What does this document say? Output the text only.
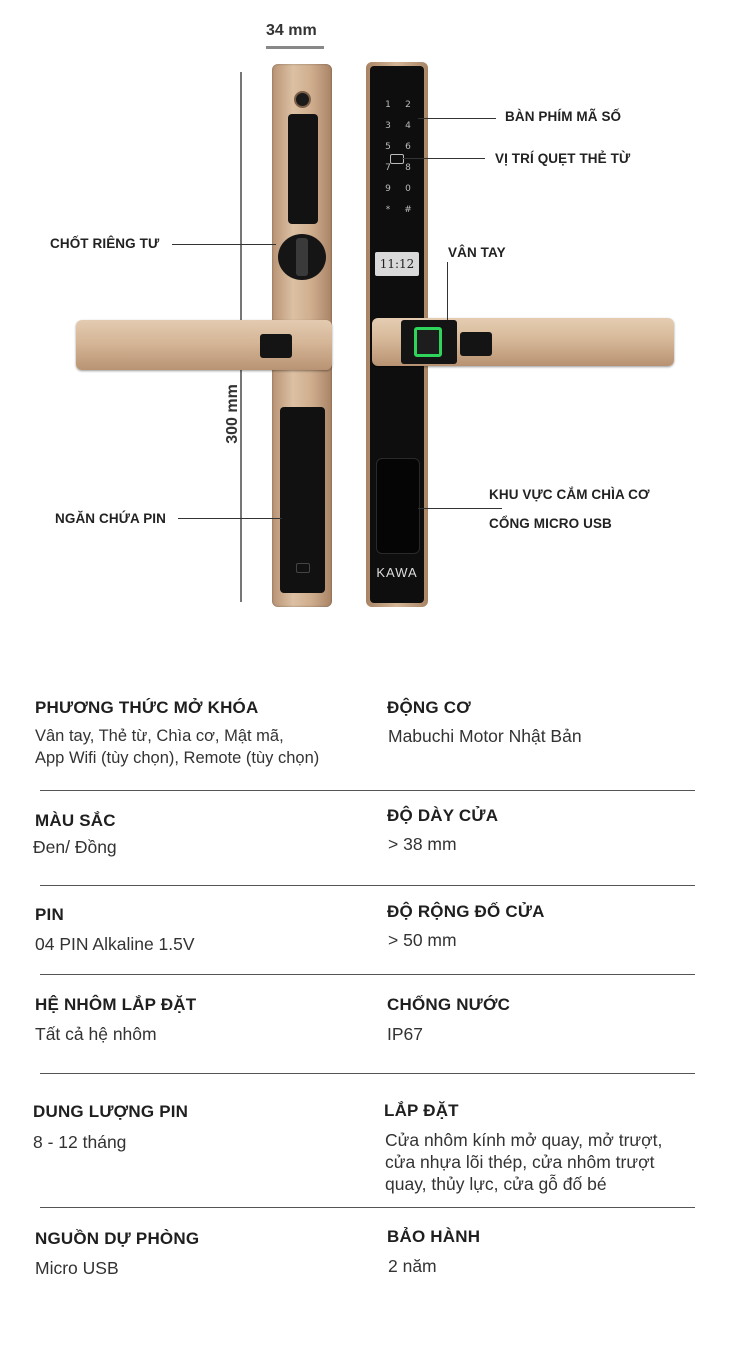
34 mm
300 mm
1	2
3	4
5	6
7	8
9	0
*	#
11:12
KAWA
BÀN PHÍM MÃ SỐ
VỊ TRÍ QUẸT THẺ TỪ
CHỐT RIÊNG TƯ
VÂN TAY
NGĂN CHỨA PIN
KHU VỰC CẮM CHÌA CƠ
CỔNG MICRO USB
PHƯƠNG THỨC MỞ KHÓA
Vân tay, Thẻ từ, Chìa cơ, Mật mã,
App Wifi (tùy chọn), Remote (tùy chọn)
ĐỘNG CƠ
Mabuchi Motor Nhật Bản
MÀU SẮC
Đen/ Đồng
ĐỘ DÀY CỬA
> 38 mm
PIN
04 PIN Alkaline 1.5V
ĐỘ RỘNG ĐỐ CỬA
> 50 mm
HỆ NHÔM LẮP ĐẶT
Tất cả hệ nhôm
CHỐNG NƯỚC
IP67
DUNG LƯỢNG PIN
8 - 12 tháng
LẮP ĐẶT
Cửa nhôm kính mở quay, mở trượt,
cửa nhựa lõi thép, cửa nhôm trượt
quay, thủy lực, cửa gỗ đố bé
NGUỒN DỰ PHÒNG
Micro USB
BẢO HÀNH
2 năm
